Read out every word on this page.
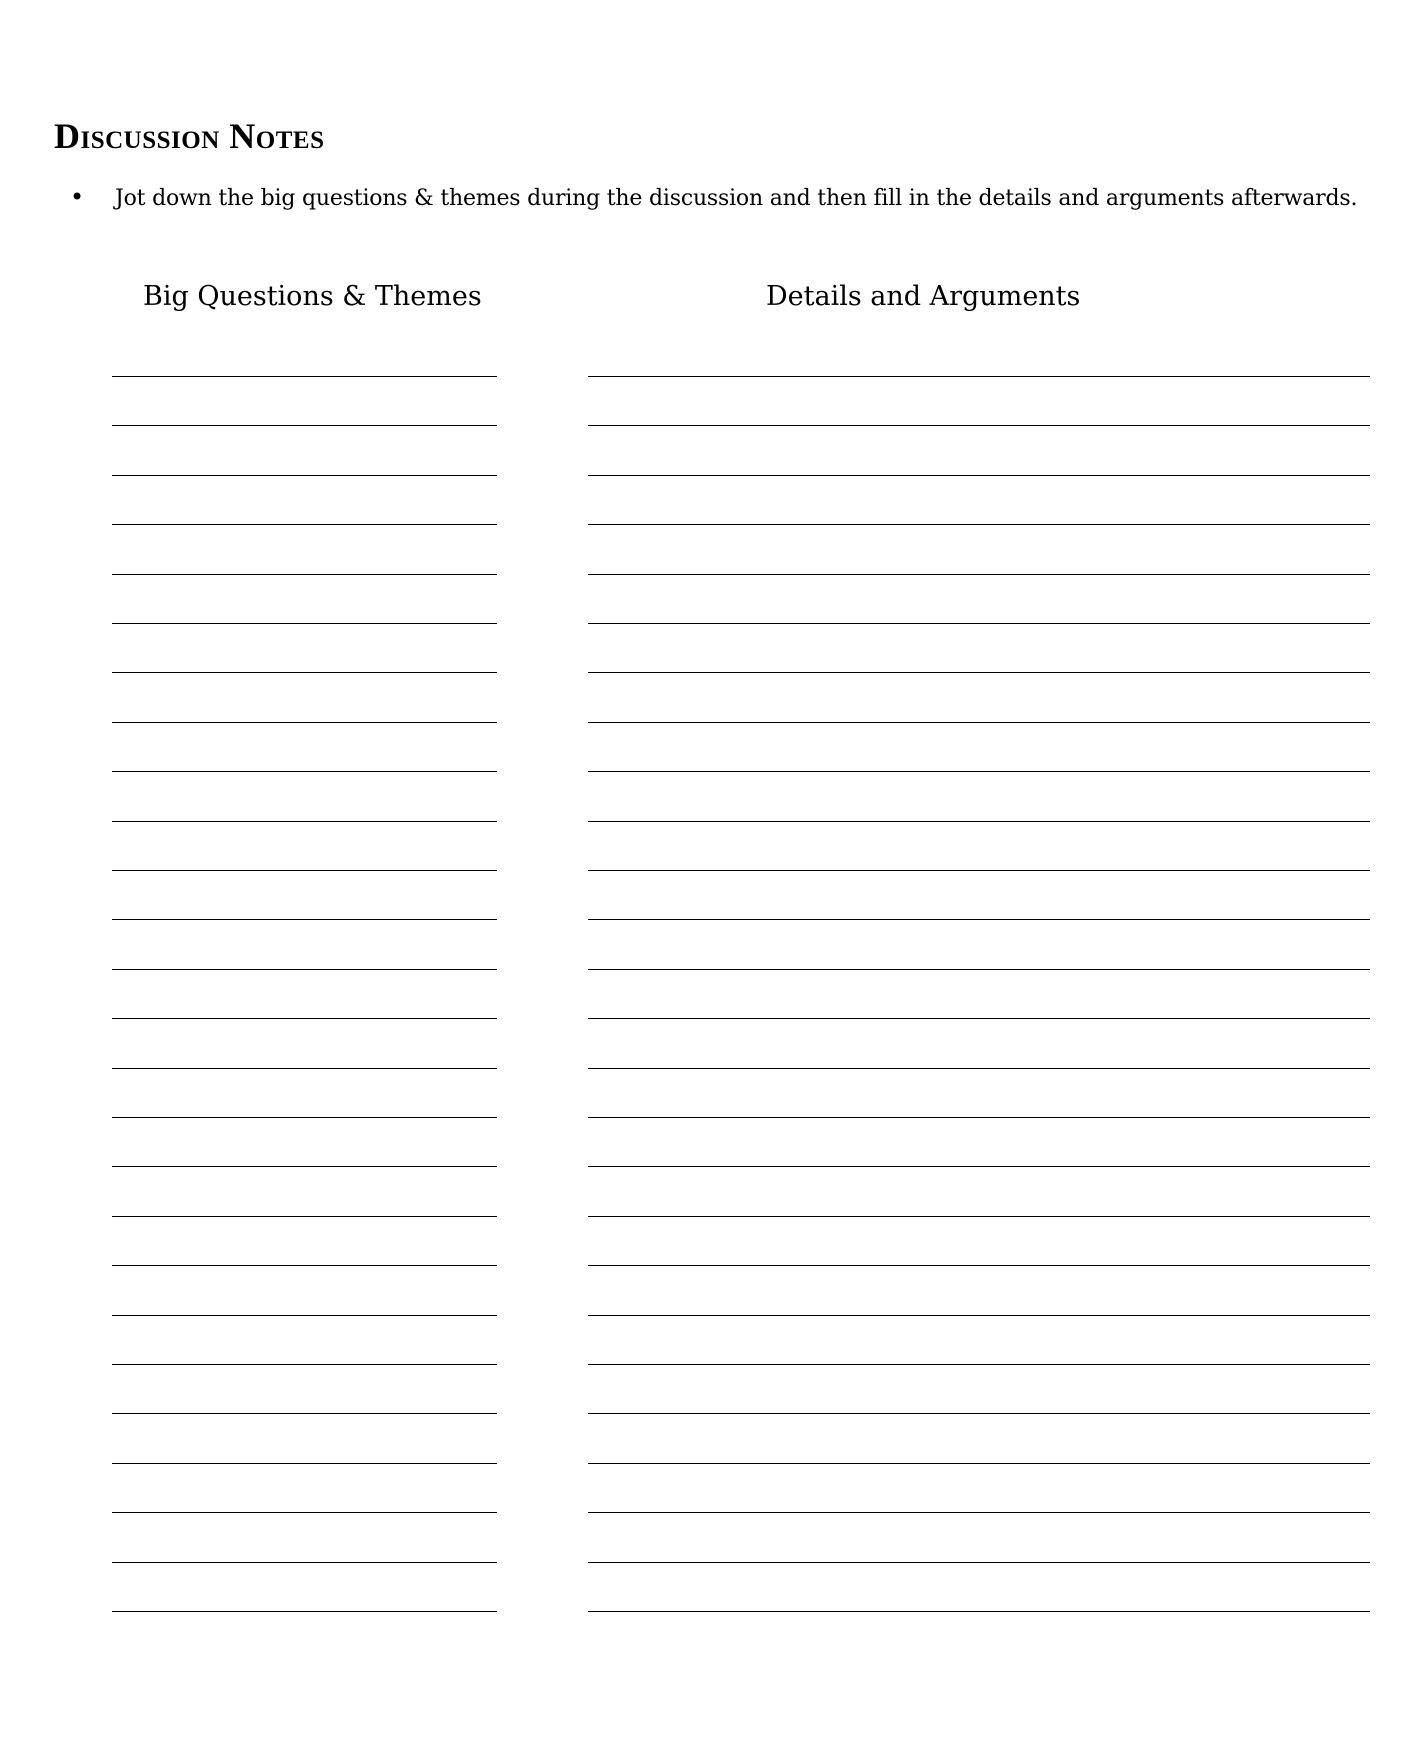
Discussion Notes
• Jot down the big questions & themes during the discussion and then fill in the details and arguments afterwards.
Big Questions & Themes	Details and Arguments
